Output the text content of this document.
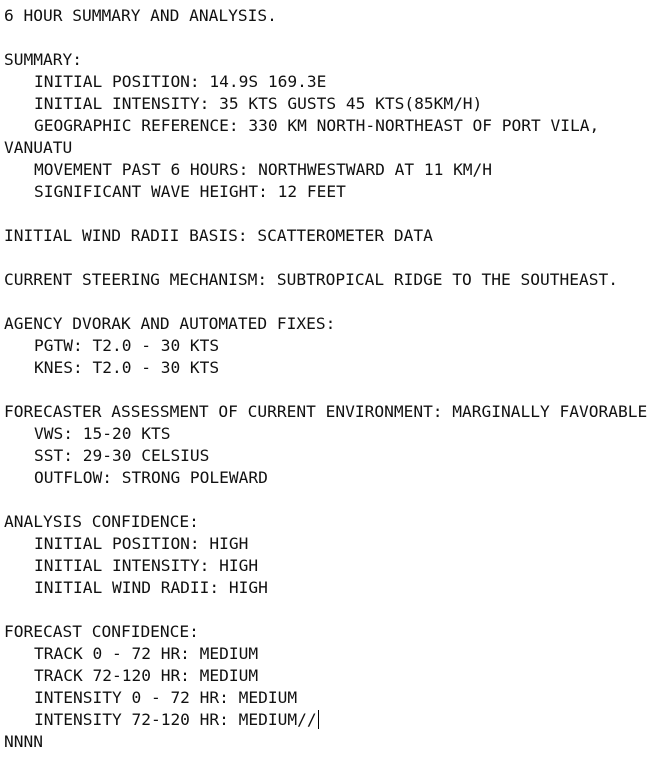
6 HOUR SUMMARY AND ANALYSIS.
SUMMARY:
INITIAL POSITION: 14.9S 169.3E
INITIAL INTENSITY: 35 KTS GUSTS 45 KTS(85KM/H)
GEOGRAPHIC REFERENCE: 330 KM NORTH-NORTHEAST OF PORT VILA,
VANUATU
MOVEMENT PAST 6 HOURS: NORTHWESTWARD AT 11 KM/H
SIGNIFICANT WAVE HEIGHT: 12 FEET
INITIAL WIND RADII BASIS: SCATTEROMETER DATA
CURRENT STEERING MECHANISM: SUBTROPICAL RIDGE TO THE SOUTHEAST.
AGENCY DVORAK AND AUTOMATED FIXES:
PGTW: T2.0 - 30 KTS
KNES: T2.0 - 30 KTS
FORECASTER ASSESSMENT OF CURRENT ENVIRONMENT: MARGINALLY FAVORABLE
VWS: 15-20 KTS
SST: 29-30 CELSIUS
OUTFLOW: STRONG POLEWARD
ANALYSIS CONFIDENCE:
INITIAL POSITION: HIGH
INITIAL INTENSITY: HIGH
INITIAL WIND RADII: HIGH
FORECAST CONFIDENCE:
TRACK 0 - 72 HR: MEDIUM
TRACK 72-120 HR: MEDIUM
INTENSITY 0 - 72 HR: MEDIUM
INTENSITY 72-120 HR: MEDIUM//
NNNN
